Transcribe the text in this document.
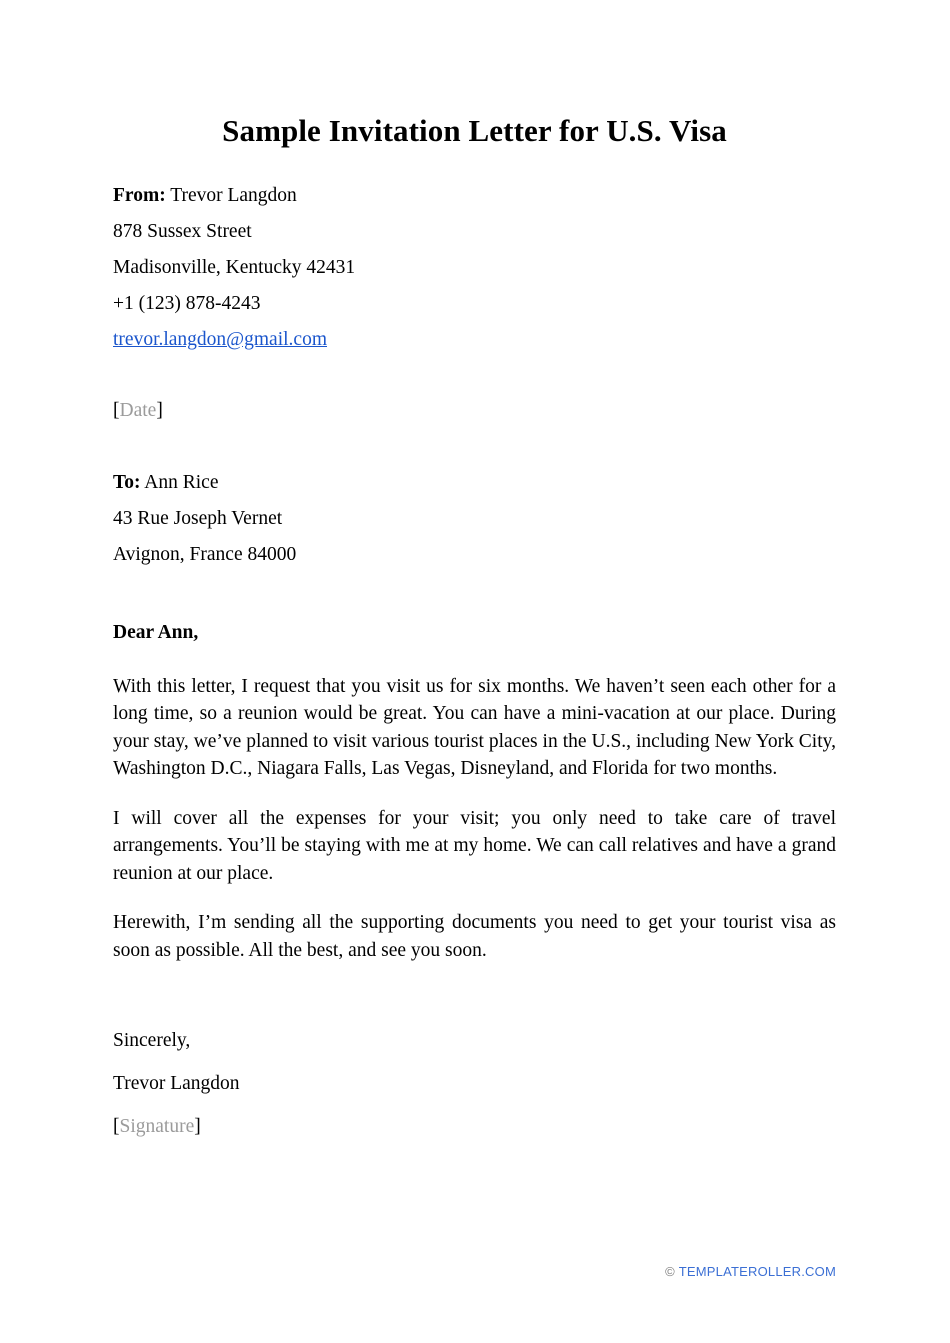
Sample Invitation Letter for U.S. Visa
From: Trevor Langdon
878 Sussex Street
Madisonville, Kentucky 42431
+1 (123) 878-4243
trevor.langdon@gmail.com
[Date]
To: Ann Rice
43 Rue Joseph Vernet
Avignon, France 84000
Dear Ann,

With this letter, I request that you visit us for six months. We haven’t seen each other for a long time, so a reunion would be great. You can have a mini-vacation at our place. During your stay, we’ve planned to visit various tourist places in the U.S., including New York City, Washington D.C., Niagara Falls, Las Vegas, Disneyland, and Florida for two months.

I will cover all the expenses for your visit; you only need to take care of travel arrangements. You’ll be staying with me at my home. We can call relatives and have a grand reunion at our place.

Herewith, I’m sending all the supporting documents you need to get your tourist visa as soon as possible. All the best, and see you soon.

Sincerely,
Trevor Langdon
[Signature]
© TEMPLATEROLLER.COM
